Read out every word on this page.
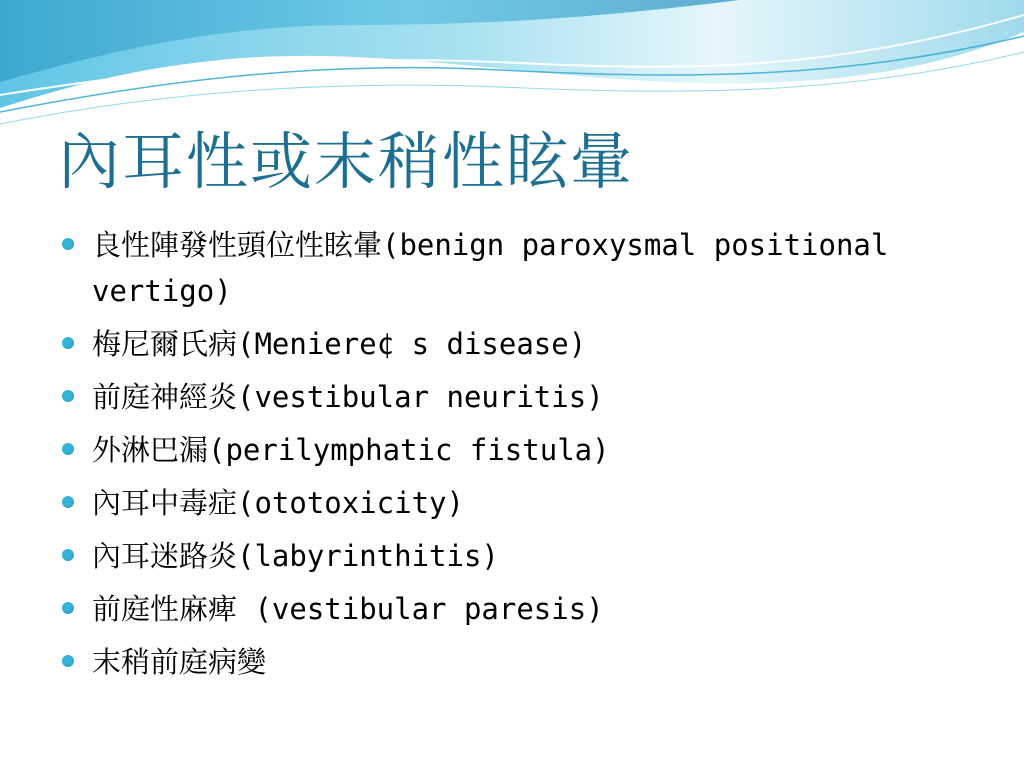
內耳性或末稍性眩暈
良性陣發性頭位性眩暈(benign paroxysmal positional vertigo)
梅尼爾氏病(Meniere¢ s disease)
前庭神經炎(vestibular neuritis)
外淋巴漏(perilymphatic fistula)
內耳中毒症(ototoxicity)
內耳迷路炎(labyrinthitis)
前庭性麻痺 (vestibular paresis)
末稍前庭病變
